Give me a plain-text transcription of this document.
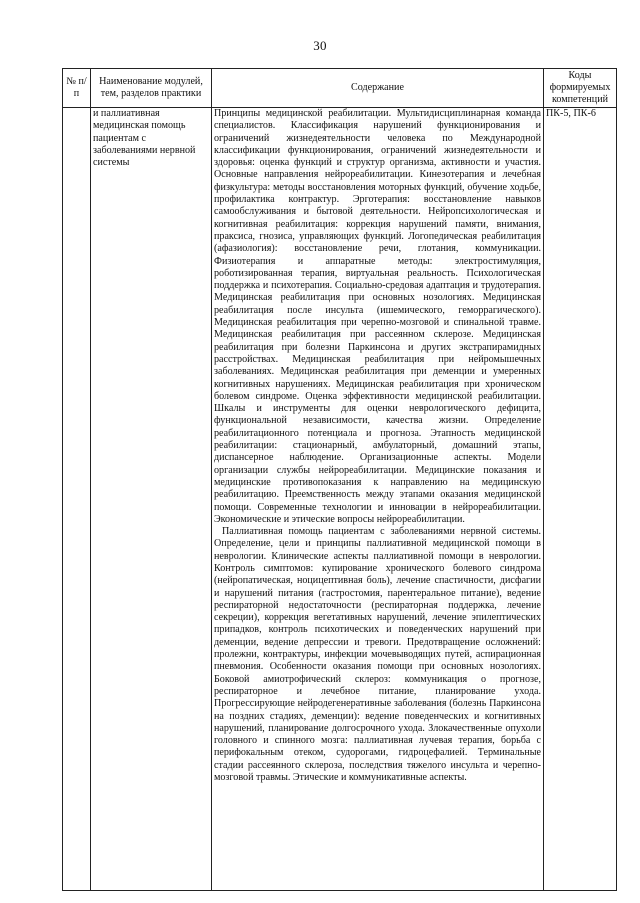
30
№ п/п	Наименование модулей, тем, разделов практики	Содержание	Коды формируемых компетенций
	и паллиативная медицинская помощь пациентам с заболеваниями нервной системы	Принципы медицинской реабилитации. Мультидисциплинарная команда специалистов. Классификация нарушений функционирования и ограничений жизнедеятельности человека по Международной классификации функционирования, ограничений жизнедеятельности и здоровья: оценка функций и структур организма, активности и участия. Основные направления нейрореабилитации. Кинезотерапия и лечебная физкультура: методы восстановления моторных функций, обучение ходьбе, профилактика контрактур. Эрготерапия: восстановление навыков самообслуживания и бытовой деятельности. Нейропсихологическая и когнитивная реабилитация: коррекция нарушений памяти, внимания, праксиса, гнозиса, управляющих функций. Логопедическая реабилитация (афазиология): восстановление речи, глотания, коммуникации. Физиотерапия и аппаратные методы: электростимуляция, роботизированная терапия, виртуальная реальность. Психологическая поддержка и психотерапия. Социально-средовая адаптация и трудотерапия. Медицинская реабилитация при основных нозологиях. Медицинская реабилитация после инсульта (ишемического, геморрагического). Медицинская реабилитация при черепно-мозговой и спинальной травме. Медицинская реабилитация при рассеянном склерозе. Медицинская реабилитация при болезни Паркинсона и других экстрапирамидных расстройствах. Медицинская реабилитация при нейромышечных заболеваниях. Медицинская реабилитация при деменции и умеренных когнитивных нарушениях. Медицинская реабилитация при хроническом болевом синдроме. Оценка эффективности медицинской реабилитации. Шкалы и инструменты для оценки неврологического дефицита, функциональной независимости, качества жизни. Определение реабилитационного потенциала и прогноза. Этапность медицинской реабилитации: стационарный, амбулаторный, домашний этапы, диспансерное наблюдение. Организационные аспекты. Модели организации службы нейрореабилитации. Медицинские показания и медицинские противопоказания к направлению на медицинскую реабилитацию. Преемственность между этапами оказания медицинской помощи. Современные технологии и инновации в нейрореабилитации. Экономические и этические вопросы нейрореабилитации.

Паллиативная помощь пациентам с заболеваниями нервной системы. Определение, цели и принципы паллиативной медицинской помощи в неврологии. Клинические аспекты паллиативной помощи в неврологии. Контроль симптомов: купирование хронического болевого синдрома (нейропатическая, ноцицептивная боль), лечение спастичности, дисфагии и нарушений питания (гастростомия, парентеральное питание), ведение респираторной недостаточности (респираторная поддержка, лечение секреции), коррекция вегетативных нарушений, лечение эпилептических припадков, контроль психотических и поведенческих нарушений при деменции, ведение депрессии и тревоги. Предотвращение осложнений: пролежни, контрактуры, инфекции мочевыводящих путей, аспирационная пневмония. Особенности оказания помощи при основных нозологиях. Боковой амиотрофический склероз: коммуникация о прогнозе, респираторное и лечебное питание, планирование ухода. Прогрессирующие нейродегенеративные заболевания (болезнь Паркинсона на поздних стадиях, деменции): ведение поведенческих и когнитивных нарушений, планирование долгосрочного ухода. Злокачественные опухоли головного и спинного мозга: паллиативная лучевая терапия, борьба с перифокальным отеком, судорогами, гидроцефалией. Терминальные стадии рассеянного склероза, последствия тяжелого инсульта и черепно-мозговой травмы. Этические и коммуникативные аспекты.	ПК-5, ПК-6
